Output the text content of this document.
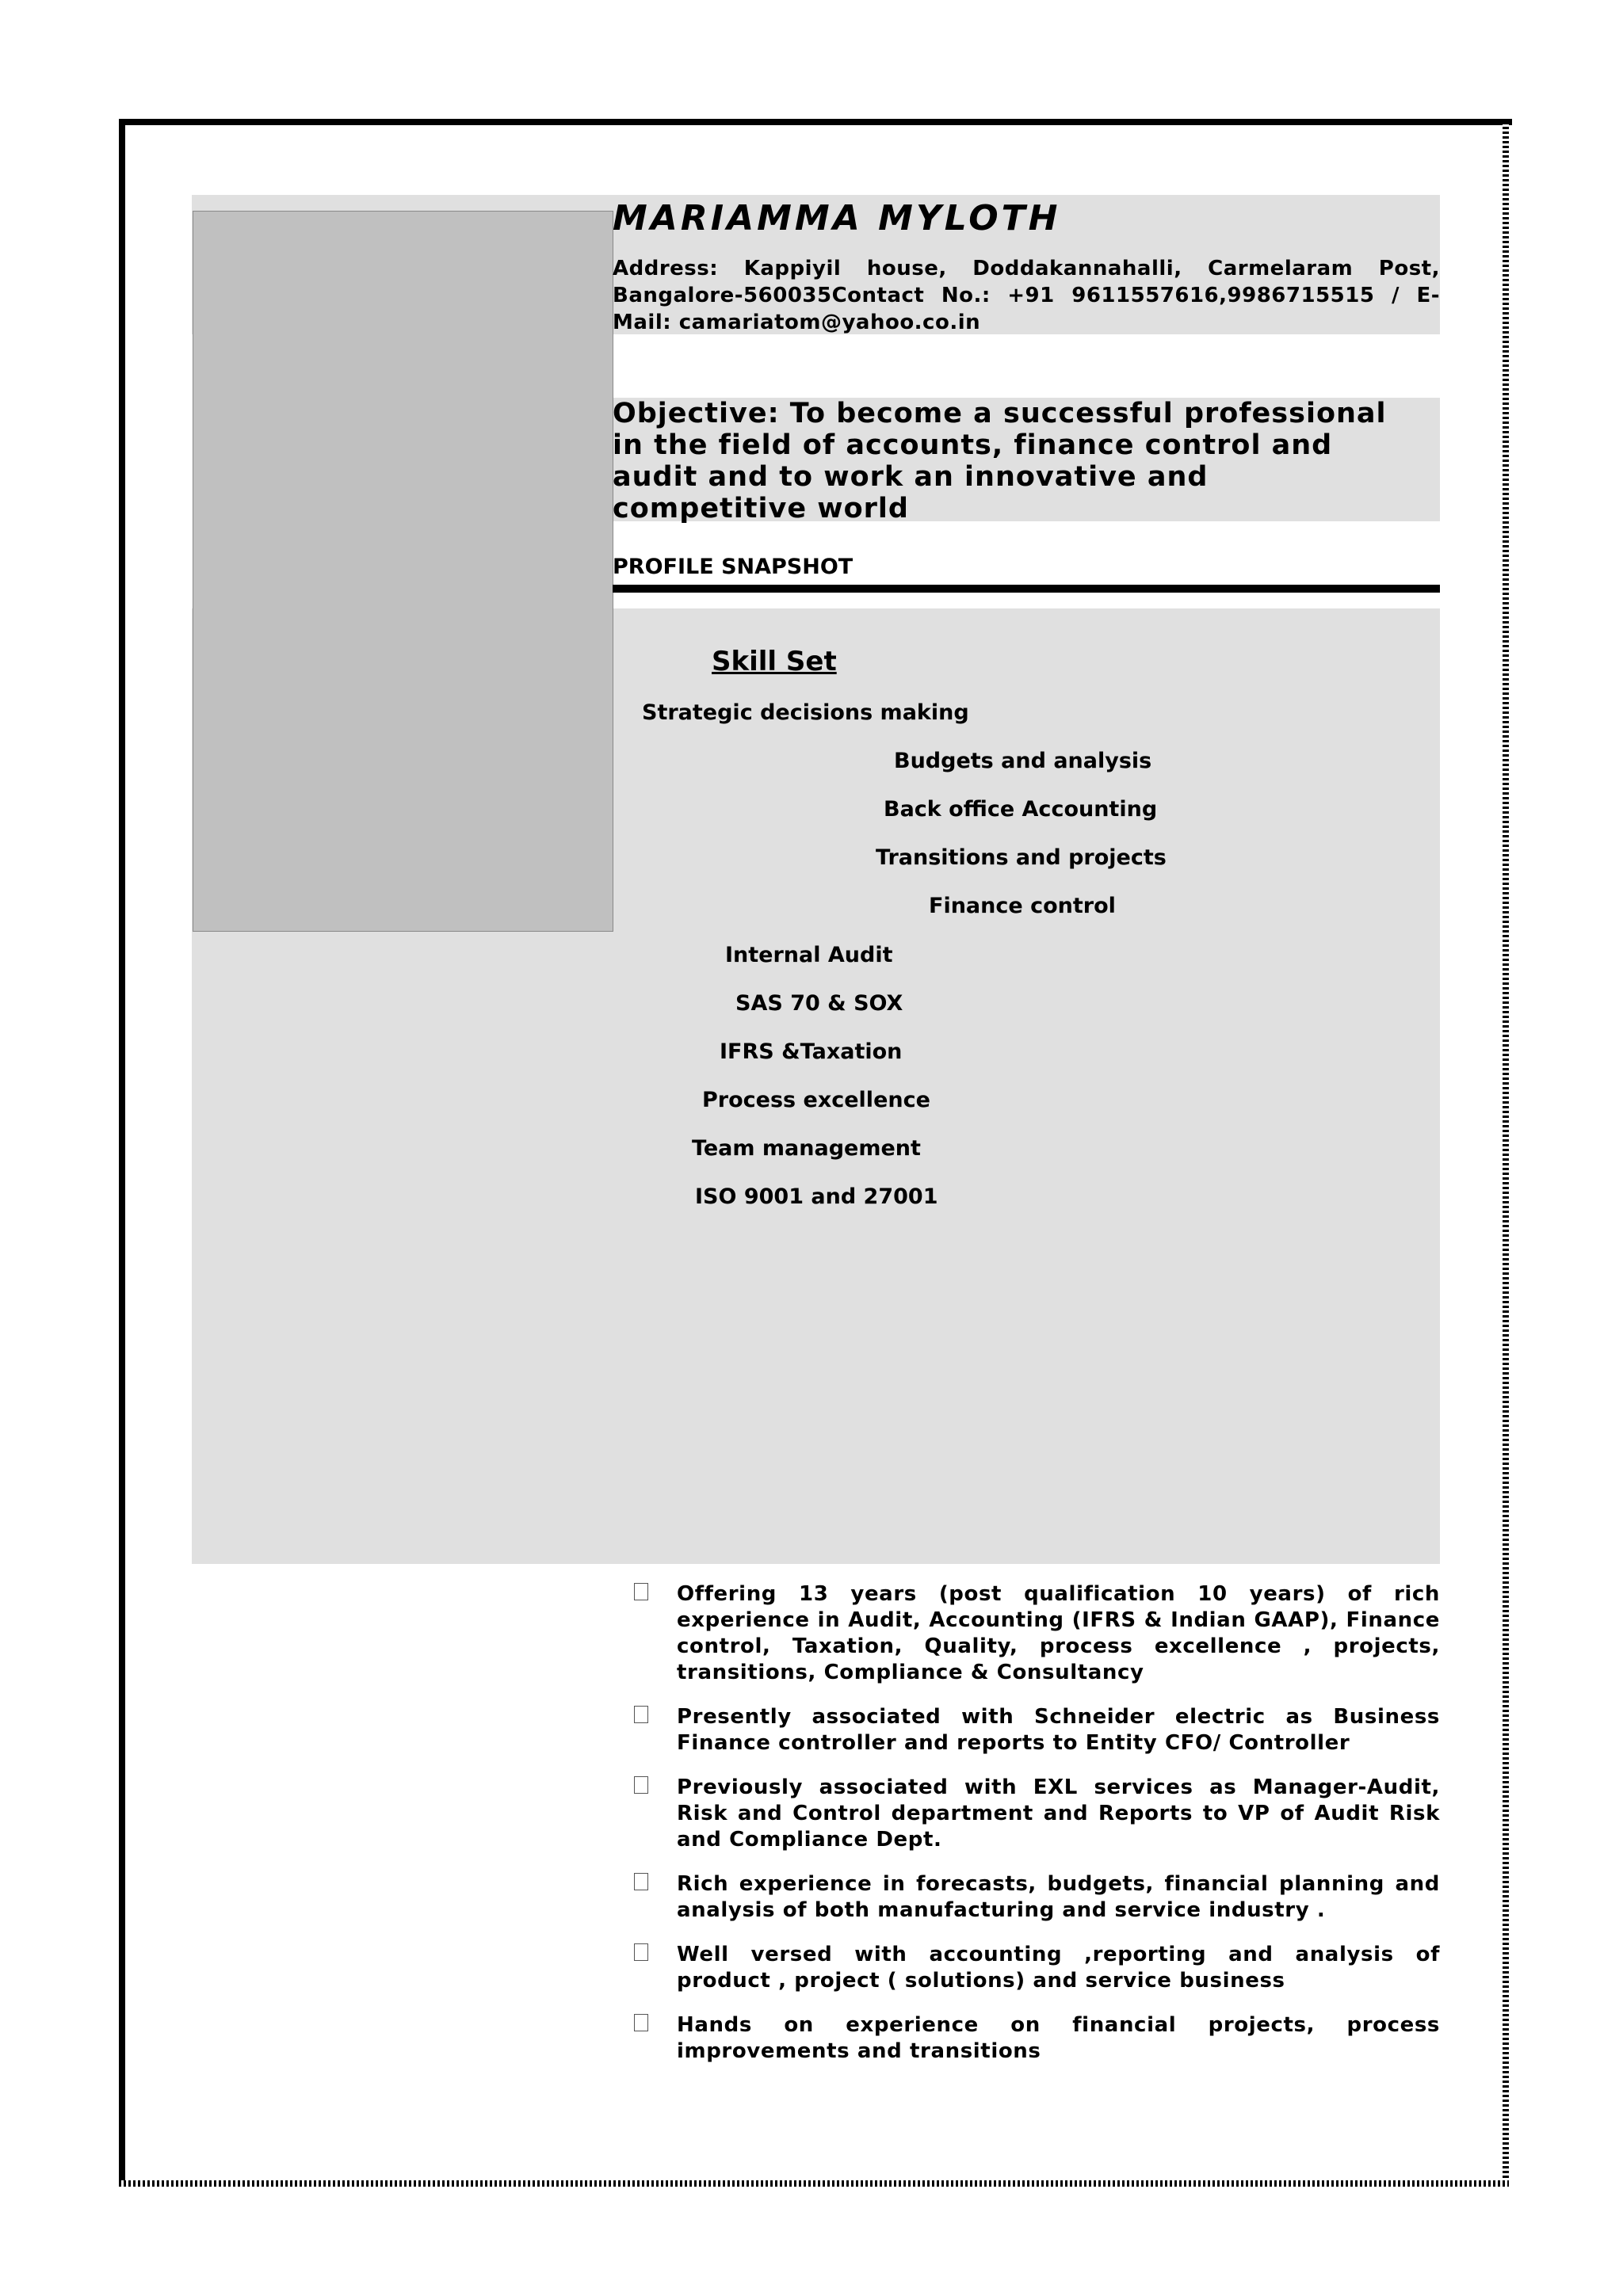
MARIAMMA MYLOTH
Address: Kappiyil house, Doddakannahalli, Carmelaram Post, Bangalore-560035Contact No.: +91 9611557616,9986715515 / E-Mail: camariatom@yahoo.co.in
Objective: To become a successful professional in the field of accounts, finance control and audit and to work an innovative and competitive world
PROFILE SNAPSHOT
Skill Set
Strategic decisions making
Budgets and analysis
Back office Accounting
Transitions and projects
Finance control
Internal Audit
SAS 70 & SOX
IFRS &Taxation
Process excellence
Team management
ISO 9001 and 27001
Offering 13 years (post qualification 10 years) of rich experience in Audit, Accounting (IFRS & Indian GAAP), Finance control, Taxation, Quality, process excellence , projects, transitions, Compliance & Consultancy
Presently associated with Schneider electric as Business Finance controller and reports to Entity CFO/ Controller
Previously associated with EXL services as Manager-Audit, Risk and Control department and Reports to VP of Audit Risk and Compliance Dept.
Rich experience in forecasts, budgets, financial planning and analysis of both manufacturing and service industry .
Well versed with accounting ,reporting and analysis of product , project ( solutions) and service business
Hands on experience on financial projects, process improvements and transitions
